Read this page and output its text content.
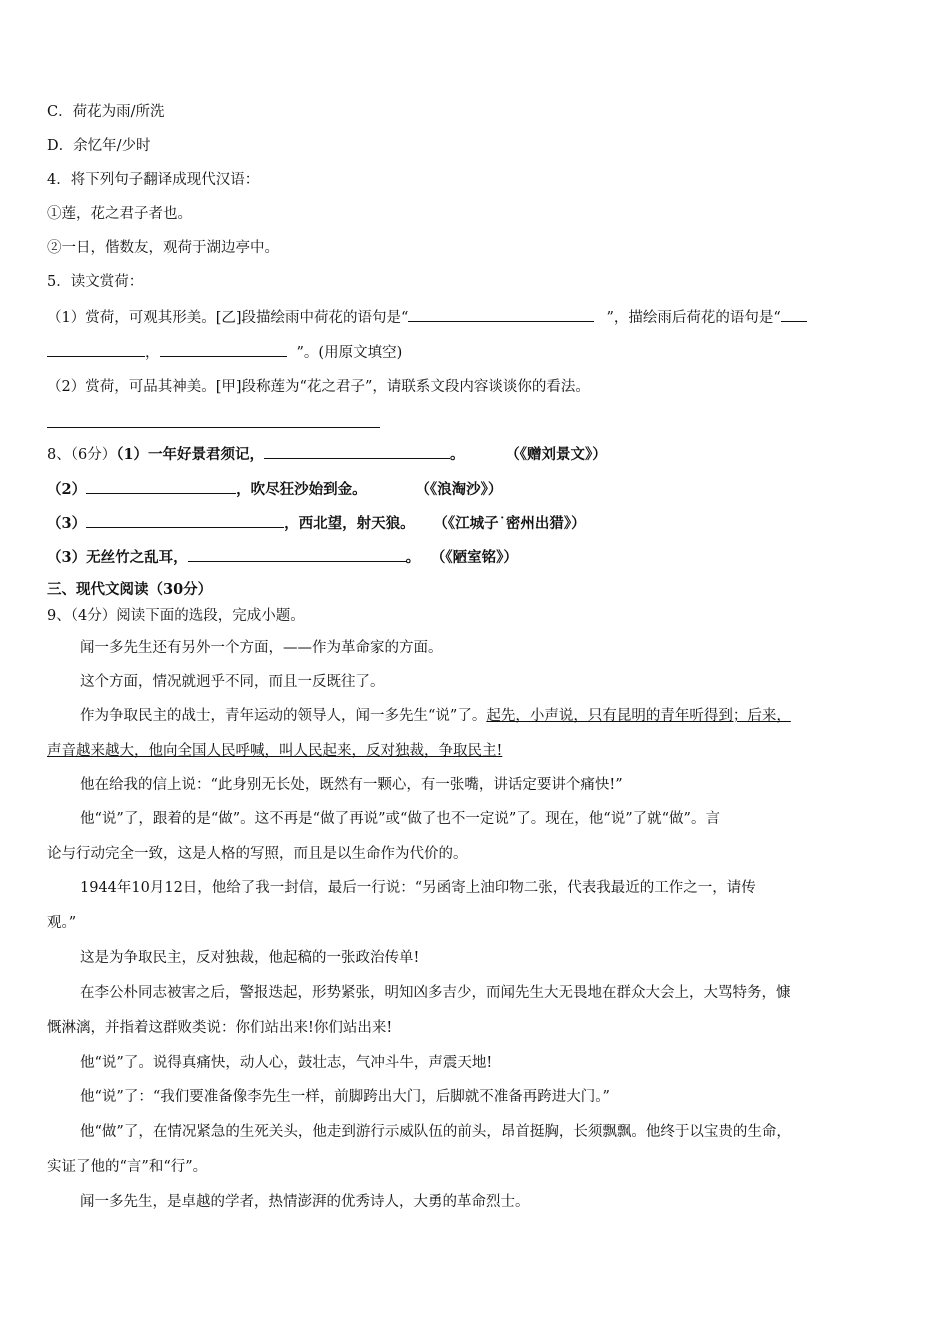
C．荷花为雨/所洗
D．余忆年/少时
4．将下列句子翻译成现代汉语：
①莲，花之君子者也。
②一日，偕数友，观荷于湖边亭中。
5．读文赏荷：
（1）赏荷，可观其形美。[乙]段描绘雨中荷花的语句是“	”，描绘雨后荷花的语句是“
，	”。(用原文填空)
（2）赏荷，可品其神美。[甲]段称莲为“花之君子”，请联系文段内容谈谈你的看法。
8、（6分）（1）一年好景君须记，	。	（《赠刘景文》）
（2）	，吹尽狂沙始到金。	（《浪淘沙》）
（3）	，西北望，射天狼。 （《江城子˙密州出猎》）
（3）无丝竹之乱耳，	。 （《陋室铭》）
三、现代文阅读（30分）
9、（4分）阅读下面的选段，完成小题。
闻一多先生还有另外一个方面，——作为革命家的方面。
这个方面，情况就迥乎不同，而且一反既往了。
作为争取民主的战士，青年运动的领导人，闻一多先生“说”了。起先，小声说，只有昆明的青年听得到；后来，
声音越来越大，他向全国人民呼喊，叫人民起来，反对独裁，争取民主!
他在给我的信上说：“此身别无长处，既然有一颗心，有一张嘴，讲话定要讲个痛快!”
他“说”了，跟着的是“做”。这不再是“做了再说”或“做了也不一定说”了。现在，他“说”了就“做”。言
论与行动完全一致，这是人格的写照，而且是以生命作为代价的。
1944年10月12日，他给了我一封信，最后一行说：“另函寄上油印物二张，代表我最近的工作之一，请传
观。”
这是为争取民主，反对独裁，他起稿的一张政治传单!
在李公朴同志被害之后，警报迭起，形势紧张，明知凶多吉少，而闻先生大无畏地在群众大会上，大骂特务，慷
慨淋漓，并指着这群败类说：你们站出来!你们站出来!
他“说”了。说得真痛快，动人心，鼓壮志，气冲斗牛，声震天地!
他“说”了：“我们要准备像李先生一样，前脚跨出大门，后脚就不准备再跨进大门。”
他“做”了，在情况紧急的生死关头，他走到游行示威队伍的前头，昂首挺胸，长须飘飘。他终于以宝贵的生命，
实证了他的“言”和“行”。
闻一多先生，是卓越的学者，热情澎湃的优秀诗人，大勇的革命烈士。
